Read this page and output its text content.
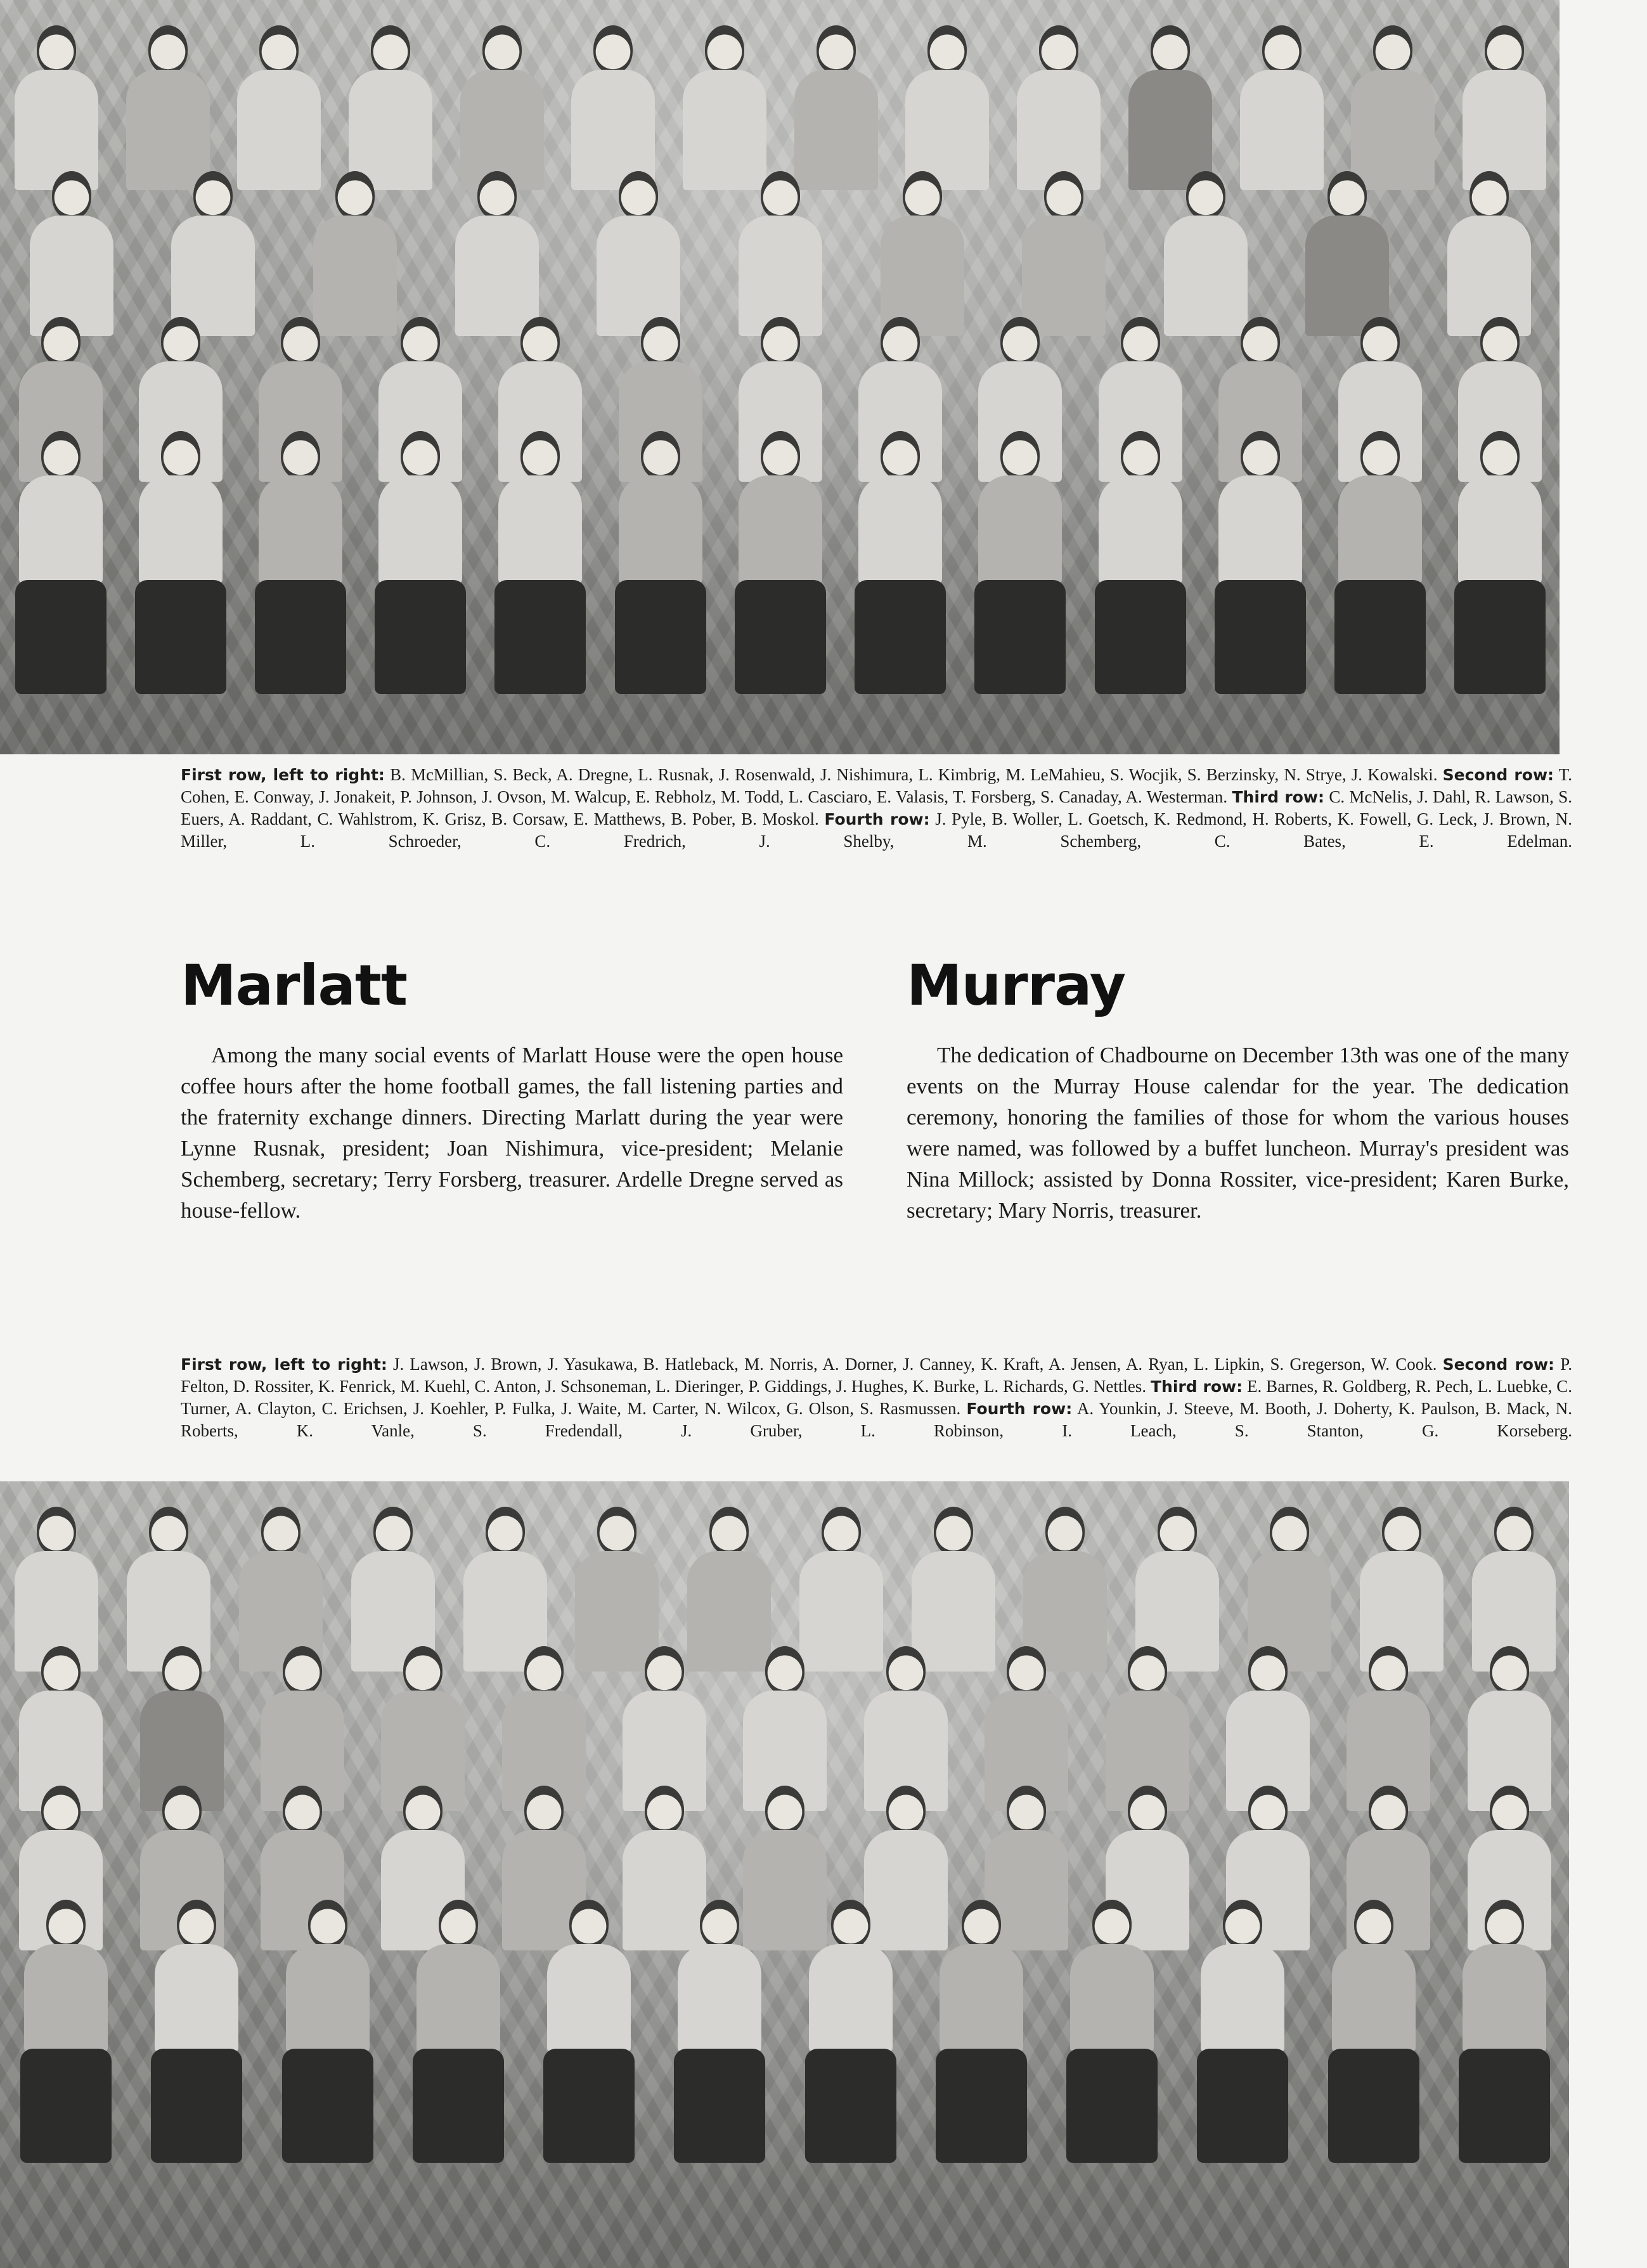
First row, left to right: B. McMillian, S. Beck, A. Dregne, L. Rusnak, J. Rosenwald, J. Nishimura, L. Kimbrig, M. LeMahieu, S. Wocjik, S. Berzinsky, N. Strye, J. Kowalski. Second row: T. Cohen, E. Conway, J. Jonakeit, P. Johnson, J. Ovson, M. Walcup, E. Rebholz, M. Todd, L. Casciaro, E. Valasis, T. Forsberg, S. Canaday, A. Westerman. Third row: C. McNelis, J. Dahl, R. Lawson, S. Euers, A. Raddant, C. Wahlstrom, K. Grisz, B. Corsaw, E. Matthews, B. Pober, B. Moskol. Fourth row: J. Pyle, B. Woller, L. Goetsch, K. Redmond, H. Roberts, K. Fowell, G. Leck, J. Brown, N. Miller, L. Schroeder, C. Fredrich, J. Shelby, M. Schemberg, C. Bates, E. Edelman.
Marlatt	Murray
Among the many social events of Marlatt House were the open house coffee hours after the home football games, the fall listening parties and the fraternity exchange dinners. Directing Marlatt during the year were Lynne Rusnak, president; Joan Nishimura, vice-president; Melanie Schemberg, secretary; Terry Forsberg, treasurer. Ardelle Dregne served as house-fellow.
The dedication of Chadbourne on December 13th was one of the many events on the Murray House calendar for the year. The dedication ceremony, honoring the families of those for whom the various houses were named, was followed by a buffet luncheon. Murray's president was Nina Millock; assisted by Donna Rossiter, vice-president; Karen Burke, secretary; Mary Norris, treasurer.
First row, left to right: J. Lawson, J. Brown, J. Yasukawa, B. Hatleback, M. Norris, A. Dorner, J. Canney, K. Kraft, A. Jensen, A. Ryan, L. Lipkin, S. Gregerson, W. Cook. Second row: P. Felton, D. Rossiter, K. Fenrick, M. Kuehl, C. Anton, J. Schsoneman, L. Dieringer, P. Giddings, J. Hughes, K. Burke, L. Richards, G. Nettles. Third row: E. Barnes, R. Goldberg, R. Pech, L. Luebke, C. Turner, A. Clayton, C. Erichsen, J. Koehler, P. Fulka, J. Waite, M. Carter, N. Wilcox, G. Olson, S. Rasmussen. Fourth row: A. Younkin, J. Steeve, M. Booth, J. Doherty, K. Paulson, B. Mack, N. Roberts, K. Vanle, S. Fredendall, J. Gruber, L. Robinson, I. Leach, S. Stanton, G. Korseberg.
